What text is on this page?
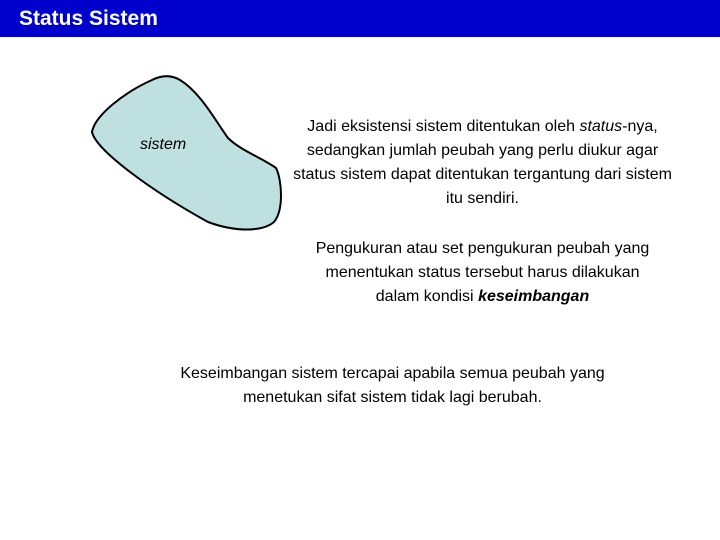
Status Sistem
sistem
Jadi eksistensi sistem ditentukan oleh status-nya, sedangkan jumlah peubah yang perlu diukur agar status sistem dapat ditentukan tergantung dari sistem itu sendiri.
Pengukuran atau set pengukuran peubah yang menentukan status tersebut harus dilakukan dalam kondisi keseimbangan
Keseimbangan sistem tercapai apabila semua peubah yang menetukan sifat sistem tidak lagi berubah.
